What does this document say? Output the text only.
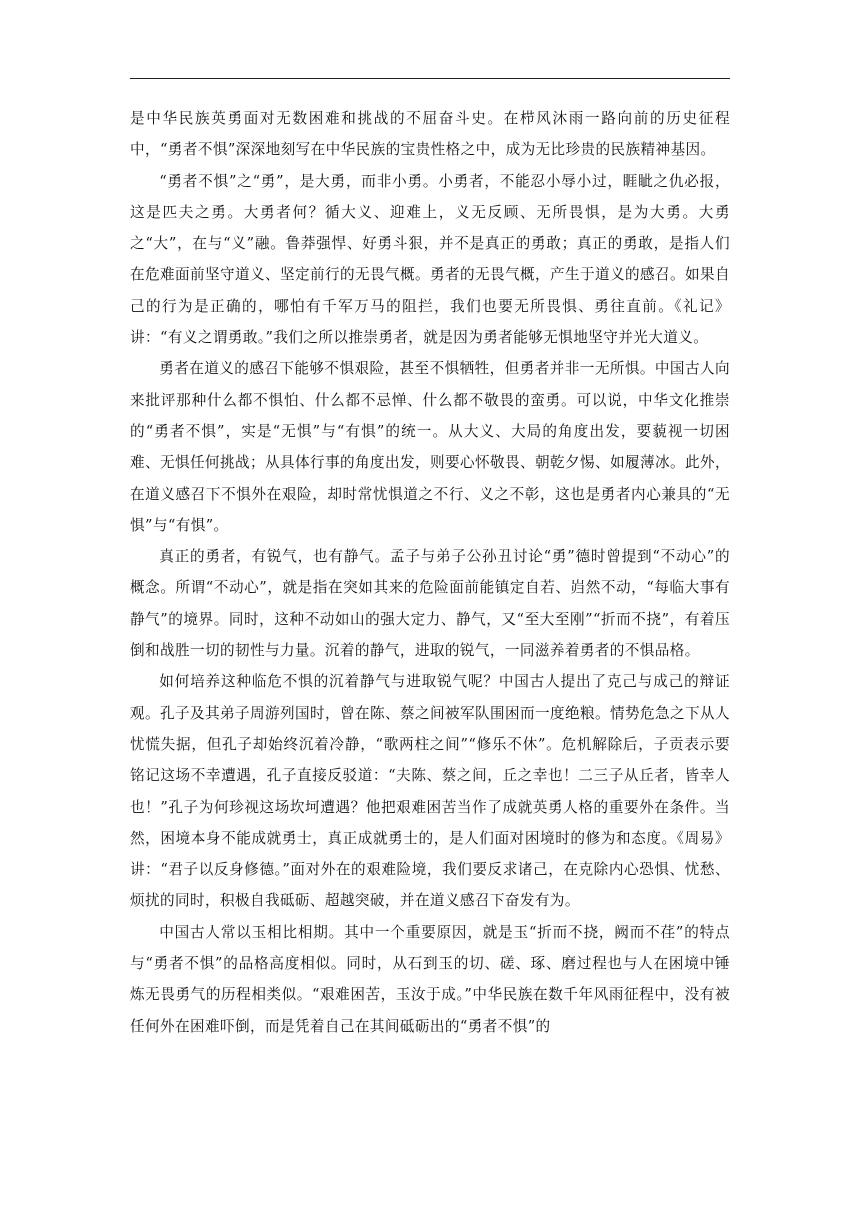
是中华民族英勇面对无数困难和挑战的不屈奋斗史。在栉风沐雨一路向前的历史征程中，“勇者不惧”深深地刻写在中华民族的宝贵性格之中，成为无比珍贵的民族精神基因。

“勇者不惧”之“勇”，是大勇，而非小勇。小勇者，不能忍小辱小过，睚眦之仇必报，这是匹夫之勇。大勇者何？循大义、迎难上，义无反顾、无所畏惧，是为大勇。大勇之“大”，在与“义”融。鲁莽强悍、好勇斗狠，并不是真正的勇敢；真正的勇敢，是指人们在危难面前坚守道义、坚定前行的无畏气概。勇者的无畏气概，产生于道义的感召。如果自己的行为是正确的，哪怕有千军万马的阻拦，我们也要无所畏惧、勇往直前。《礼记》讲：“有义之谓勇敢。”我们之所以推崇勇者，就是因为勇者能够无惧地坚守并光大道义。

勇者在道义的感召下能够不惧艰险，甚至不惧牺牲，但勇者并非一无所惧。中国古人向来批评那种什么都不惧怕、什么都不忌惮、什么都不敬畏的蛮勇。可以说，中华文化推崇的“勇者不惧”，实是“无惧”与“有惧”的统一。从大义、大局的角度出发，要藐视一切困难、无惧任何挑战；从具体行事的角度出发，则要心怀敬畏、朝乾夕惕、如履薄冰。此外，在道义感召下不惧外在艰险，却时常忧惧道之不行、义之不彰，这也是勇者内心兼具的“无惧”与“有惧”。

真正的勇者，有锐气，也有静气。孟子与弟子公孙丑讨论“勇”德时曾提到“不动心”的概念。所谓“不动心”，就是指在突如其来的危险面前能镇定自若、岿然不动，“每临大事有静气”的境界。同时，这种不动如山的强大定力、静气，又“至大至刚”“折而不挠”，有着压倒和战胜一切的韧性与力量。沉着的静气，进取的锐气，一同滋养着勇者的不惧品格。

如何培养这种临危不惧的沉着静气与进取锐气呢？中国古人提出了克己与成己的辩证观。孔子及其弟子周游列国时，曾在陈、蔡之间被军队围困而一度绝粮。情势危急之下从人忧慌失据，但孔子却始终沉着冷静，“歌两柱之间”“修乐不休”。危机解除后，子贡表示要铭记这场不幸遭遇，孔子直接反驳道：“夫陈、蔡之间，丘之幸也！二三子从丘者，皆幸人也！”孔子为何珍视这场坎坷遭遇？他把艰难困苦当作了成就英勇人格的重要外在条件。当然，困境本身不能成就勇士，真正成就勇士的，是人们面对困境时的修为和态度。《周易》讲：“君子以反身修德。”面对外在的艰难险境，我们要反求诸己，在克除内心恐惧、忧愁、烦扰的同时，积极自我砥砺、超越突破，并在道义感召下奋发有为。

中国古人常以玉相比相期。其中一个重要原因，就是玉“折而不挠，阙而不荏”的特点与“勇者不惧”的品格高度相似。同时，从石到玉的切、磋、琢、磨过程也与人在困境中锤炼无畏勇气的历程相类似。“艰难困苦，玉汝于成。”中华民族在数千年风雨征程中，没有被任何外在困难吓倒，而是凭着自己在其间砥砺出的“勇者不惧”的
